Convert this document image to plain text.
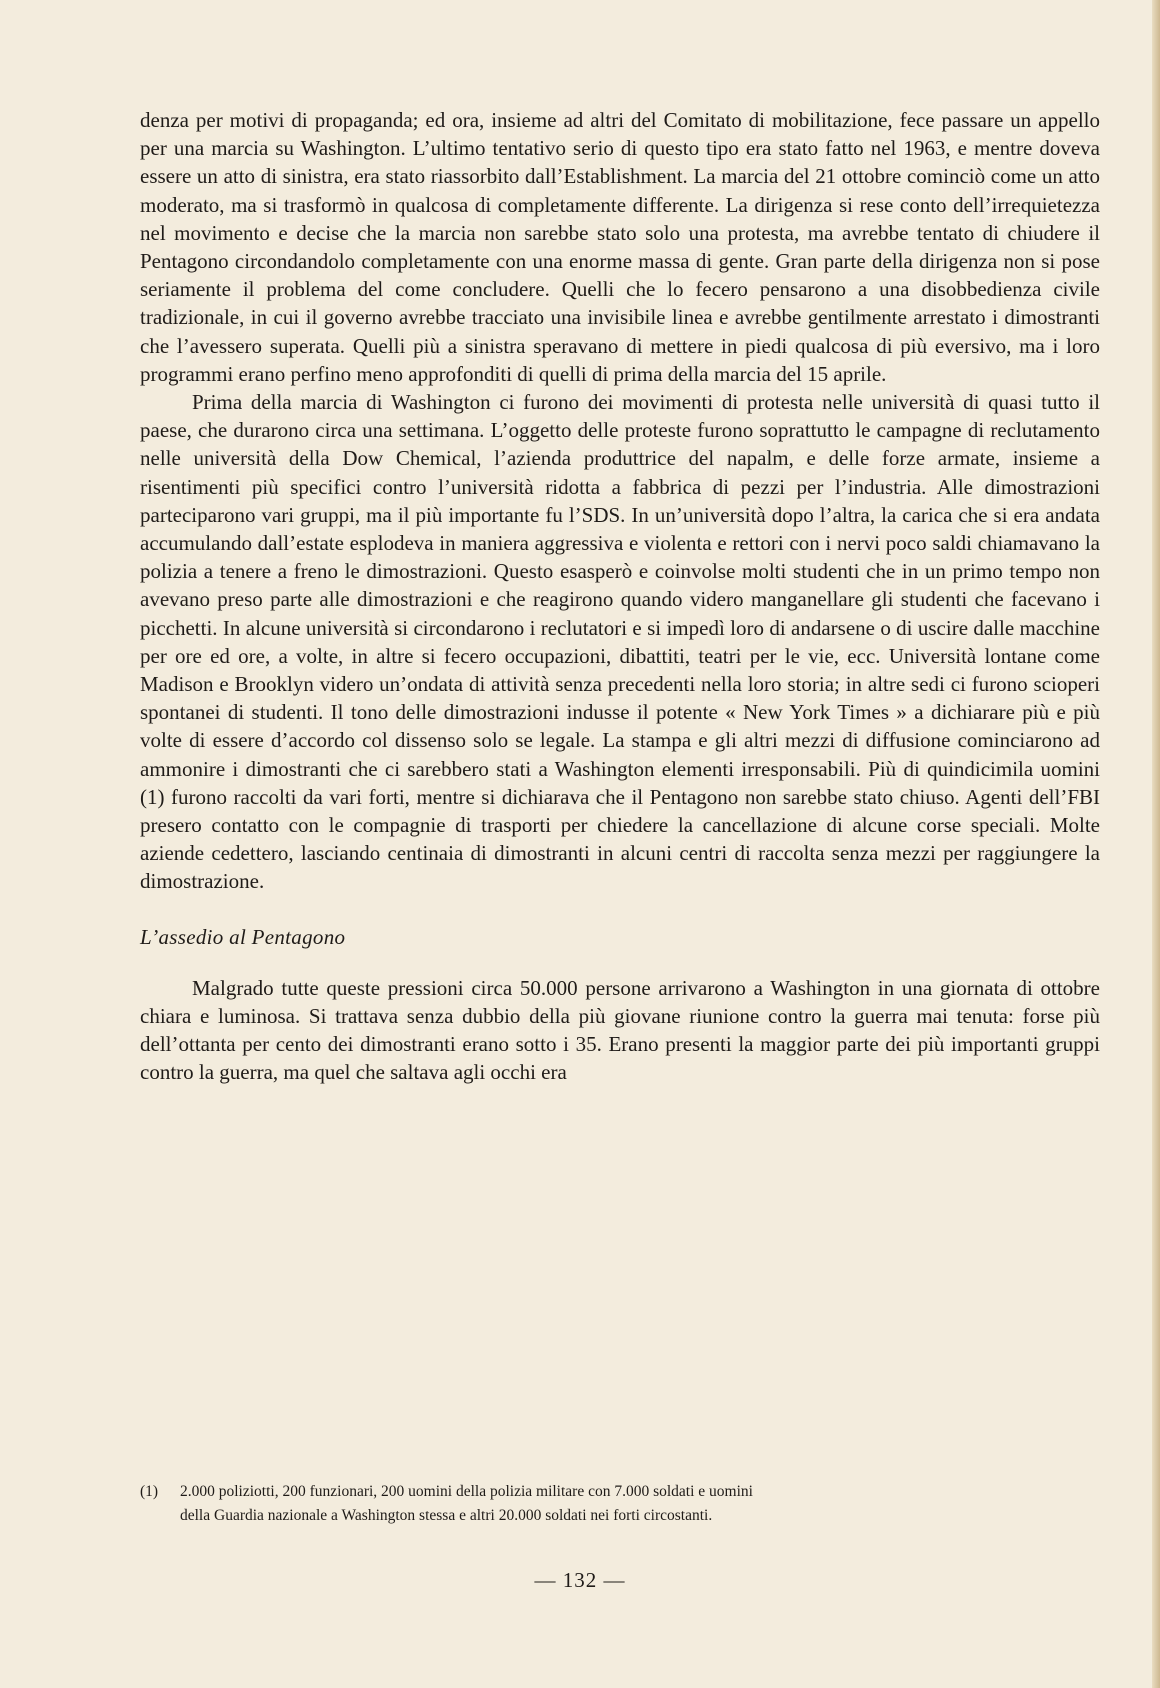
denza per motivi di propaganda; ed ora, insieme ad altri del Comitato di mobilitazione, fece passare un appello per una marcia su Washington. L’ultimo tentativo serio di questo tipo era stato fatto nel 1963, e mentre doveva essere un atto di sinistra, era stato riassorbito dall’Establishment. La marcia del 21 ottobre cominciò come un atto moderato, ma si trasformò in qualcosa di completamente differente. La dirigenza si rese conto dell’irrequietezza nel movimento e decise che la marcia non sarebbe stato solo una protesta, ma avrebbe tentato di chiudere il Pentagono circondandolo completamente con una enorme massa di gente. Gran parte della dirigenza non si pose seriamente il problema del come concludere. Quelli che lo fecero pensarono a una disobbedienza civile tradizionale, in cui il governo avrebbe tracciato una invisibile linea e avrebbe gentilmente arrestato i dimostranti che l’avessero superata. Quelli più a sinistra speravano di mettere in piedi qualcosa di più eversivo, ma i loro programmi erano perfino meno approfonditi di quelli di prima della marcia del 15 aprile.

Prima della marcia di Washington ci furono dei movimenti di protesta nelle università di quasi tutto il paese, che durarono circa una settimana. L’oggetto delle proteste furono soprattutto le campagne di reclutamento nelle università della Dow Chemical, l’azienda produttrice del napalm, e delle forze armate, insieme a risentimenti più specifici contro l’università ridotta a fabbrica di pezzi per l’industria. Alle dimostrazioni parteciparono vari gruppi, ma il più importante fu l’SDS. In un’università dopo l’altra, la carica che si era andata accumulando dall’estate esplodeva in maniera aggressiva e violenta e rettori con i nervi poco saldi chiamavano la polizia a tenere a freno le dimostrazioni. Questo esasperò e coinvolse molti studenti che in un primo tempo non avevano preso parte alle dimostrazioni e che reagirono quando videro manganellare gli studenti che facevano i picchetti. In alcune università si circondarono i reclutatori e si impedì loro di andarsene o di uscire dalle macchine per ore ed ore, a volte, in altre si fecero occupazioni, dibattiti, teatri per le vie, ecc. Università lontane come Madison e Brooklyn videro un’ondata di attività senza precedenti nella loro storia; in altre sedi ci furono scioperi spontanei di studenti. Il tono delle dimostrazioni indusse il potente « New York Times » a dichiarare più e più volte di essere d’accordo col dissenso solo se legale. La stampa e gli altri mezzi di diffusione cominciarono ad ammonire i dimostranti che ci sarebbero stati a Washington elementi irresponsabili. Più di quindicimila uomini (1) furono raccolti da vari forti, mentre si dichiarava che il Pentagono non sarebbe stato chiuso. Agenti dell’FBI presero contatto con le compagnie di trasporti per chiedere la cancellazione di alcune corse speciali. Molte aziende cedettero, lasciando centinaia di dimostranti in alcuni centri di raccolta senza mezzi per raggiungere la dimostrazione.

L’assedio al Pentagono

Malgrado tutte queste pressioni circa 50.000 persone arrivarono a Washington in una giornata di ottobre chiara e luminosa. Si trattava senza dubbio della più giovane riunione contro la guerra mai tenuta: forse più dell’ottanta per cento dei dimostranti erano sotto i 35. Erano presenti la maggior parte dei più importanti gruppi contro la guerra, ma quel che saltava agli occhi era

(1) 2.000 poliziotti, 200 funzionari, 200 uomini della polizia militare con 7.000 soldati e uomini
della Guardia nazionale a Washington stessa e altri 20.000 soldati nei forti circostanti.
— 132 —
